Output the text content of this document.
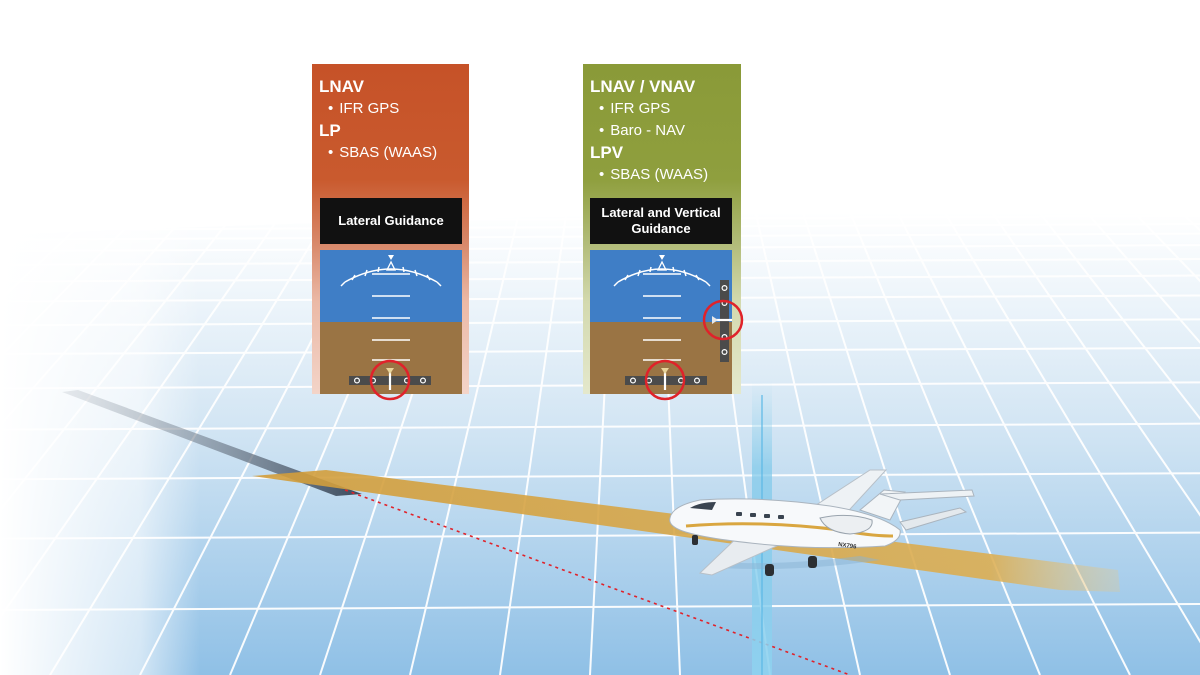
NX796
LNAV
• IFR GPS
LP
• SBAS (WAAS)
Lateral Guidance
LNAV / VNAV
• IFR GPS
• Baro - NAV
LPV
• SBAS (WAAS)
Lateral and Vertical Guidance
